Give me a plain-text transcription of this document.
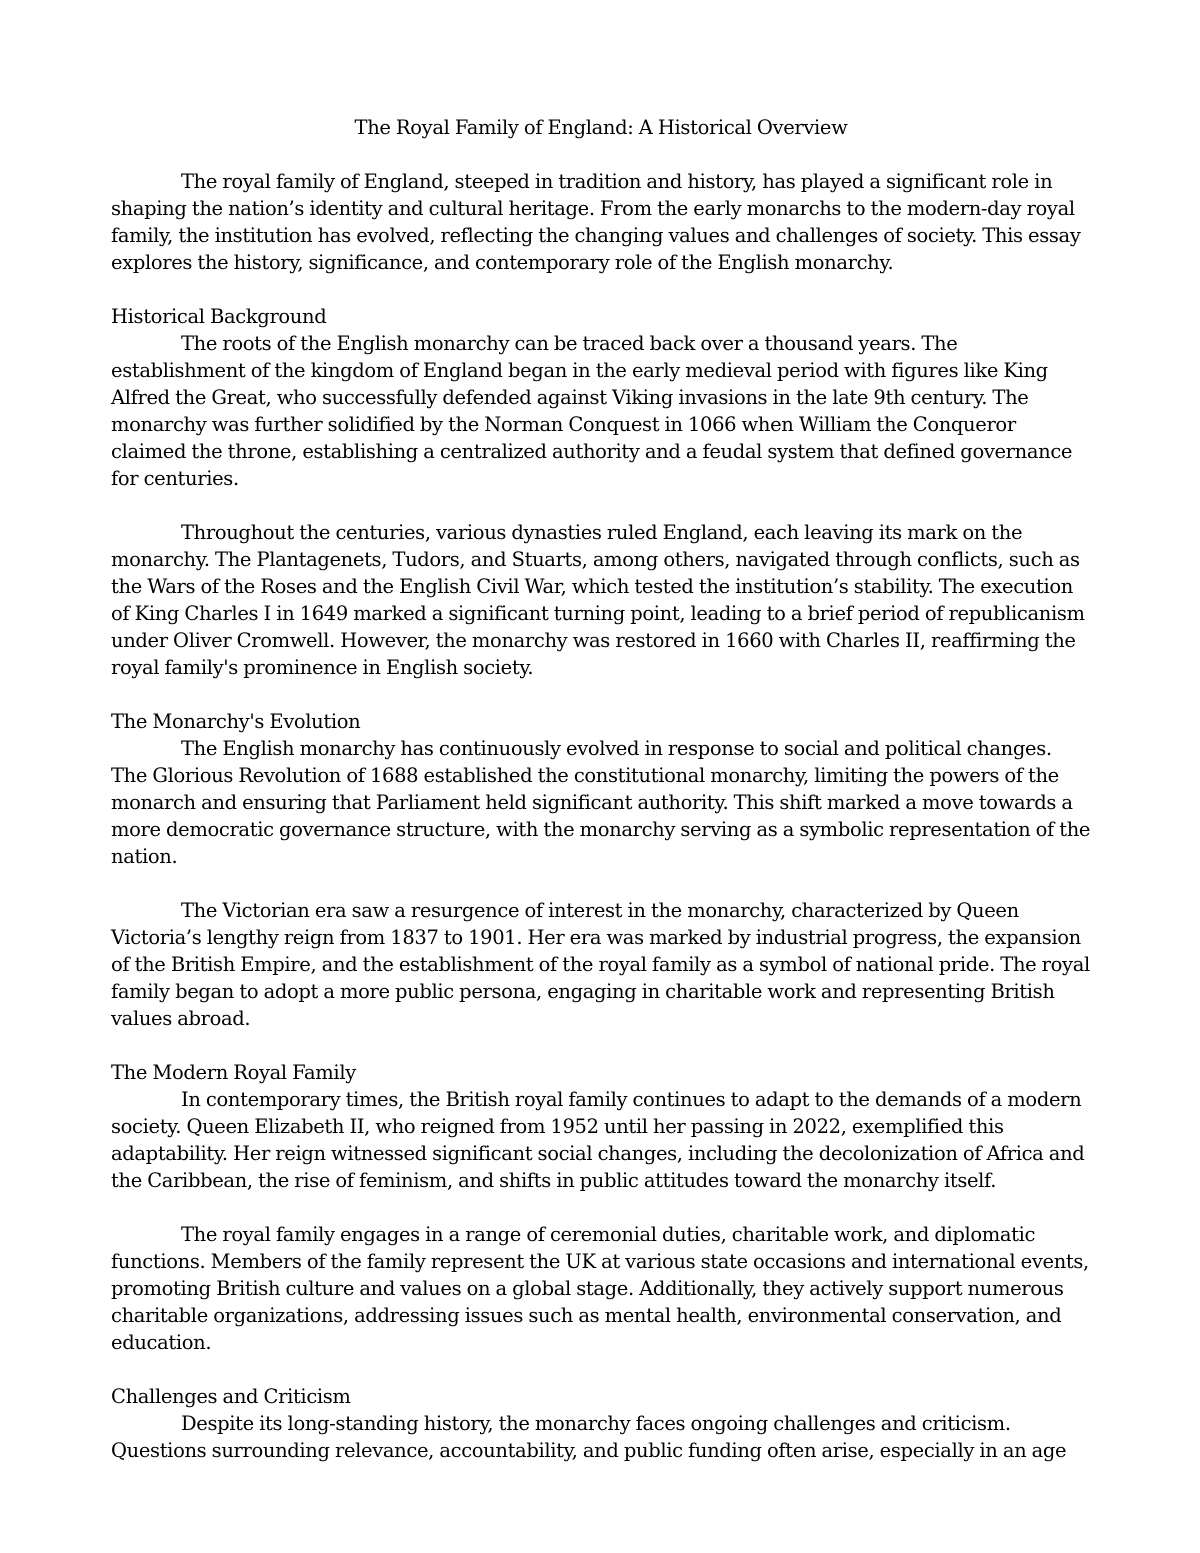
The Royal Family of England: A Historical Overview

The royal family of England, steeped in tradition and history, has played a significant role in shaping the nation’s identity and cultural heritage. From the early monarchs to the modern-day royal family, the institution has evolved, reflecting the changing values and challenges of society. This essay explores the history, significance, and contemporary role of the English monarchy.

Historical Background

The roots of the English monarchy can be traced back over a thousand years. The establishment of the kingdom of England began in the early medieval period with figures like King Alfred the Great, who successfully defended against Viking invasions in the late 9th century. The monarchy was further solidified by the Norman Conquest in 1066 when William the Conqueror claimed the throne, establishing a centralized authority and a feudal system that defined governance for centuries.

Throughout the centuries, various dynasties ruled England, each leaving its mark on the monarchy. The Plantagenets, Tudors, and Stuarts, among others, navigated through conflicts, such as the Wars of the Roses and the English Civil War, which tested the institution’s stability. The execution of King Charles I in 1649 marked a significant turning point, leading to a brief period of republicanism under Oliver Cromwell. However, the monarchy was restored in 1660 with Charles II, reaffirming the royal family's prominence in English society.

The Monarchy's Evolution

The English monarchy has continuously evolved in response to social and political changes. The Glorious Revolution of 1688 established the constitutional monarchy, limiting the powers of the monarch and ensuring that Parliament held significant authority. This shift marked a move towards a more democratic governance structure, with the monarchy serving as a symbolic representation of the nation.

The Victorian era saw a resurgence of interest in the monarchy, characterized by Queen Victoria’s lengthy reign from 1837 to 1901. Her era was marked by industrial progress, the expansion of the British Empire, and the establishment of the royal family as a symbol of national pride. The royal family began to adopt a more public persona, engaging in charitable work and representing British values abroad.

The Modern Royal Family

In contemporary times, the British royal family continues to adapt to the demands of a modern society. Queen Elizabeth II, who reigned from 1952 until her passing in 2022, exemplified this adaptability. Her reign witnessed significant social changes, including the decolonization of Africa and the Caribbean, the rise of feminism, and shifts in public attitudes toward the monarchy itself.

The royal family engages in a range of ceremonial duties, charitable work, and diplomatic functions. Members of the family represent the UK at various state occasions and international events, promoting British culture and values on a global stage. Additionally, they actively support numerous charitable organizations, addressing issues such as mental health, environmental conservation, and education.

Challenges and Criticism

Despite its long-standing history, the monarchy faces ongoing challenges and criticism. Questions surrounding relevance, accountability, and public funding often arise, especially in an age
